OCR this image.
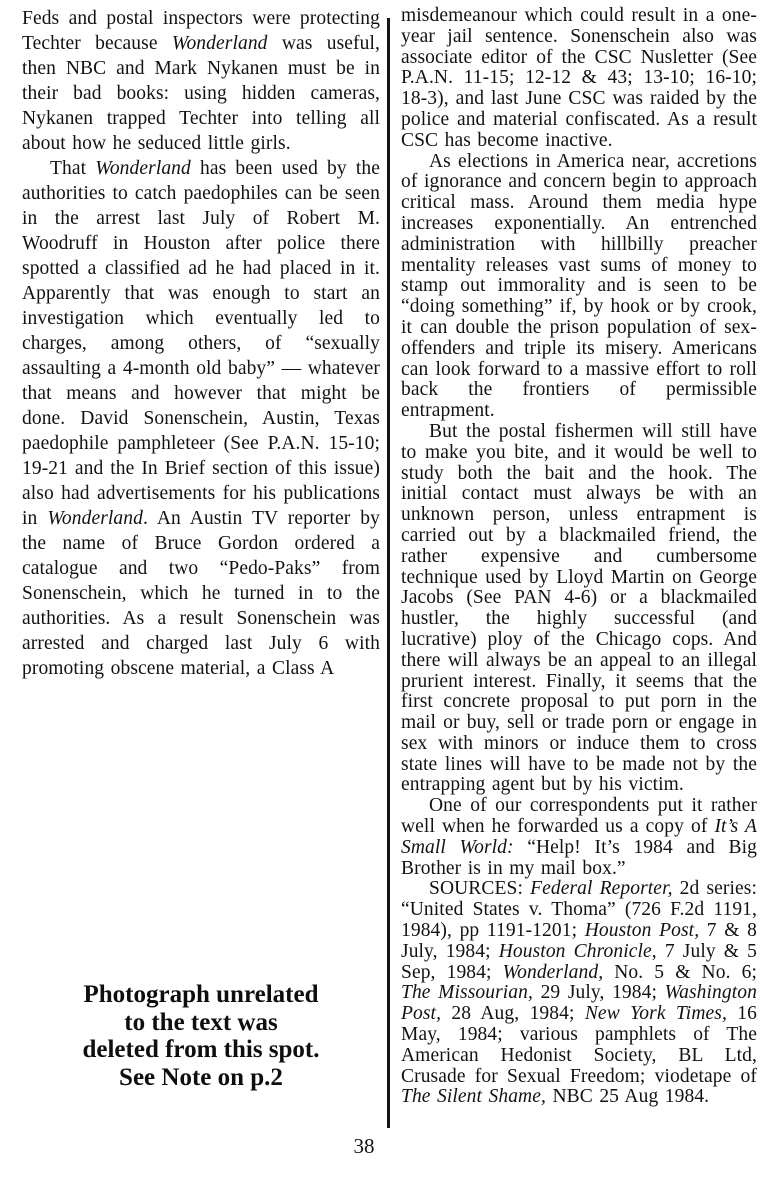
Feds and postal inspectors were protecting Techter because Wonderland was useful, then NBC and Mark Nykanen must be in their bad books: using hidden cameras, Nykanen trapped Techter into telling all about how he seduced little girls.

That Wonderland has been used by the authorities to catch paedophiles can be seen in the arrest last July of Robert M. Woodruff in Houston after police there spotted a classified ad he had placed in it. Apparently that was enough to start an investigation which eventually led to charges, among others, of “sexually assaulting a 4-month old baby” — whatever that means and however that might be done. David Sonenschein, Austin, Texas paedophile pamphleteer (See P.A.N. 15-10; 19-21 and the In Brief section of this issue) also had advertisements for his publications in Wonderland. An Austin TV reporter by the name of Bruce Gordon ordered a catalogue and two “Pedo-Paks” from Sonenschein, which he turned in to the authorities. As a result Sonenschein was arrested and charged last July 6 with promoting obscene material, a Class A

Photograph unrelated
to the text was
deleted from this spot.
See Note on p.2

misdemeanour which could result in a one-year jail sentence. Sonenschein also was associate editor of the CSC Nusletter (See P.A.N. 11-15; 12-12 & 43; 13-10; 16-10; 18-3), and last June CSC was raided by the police and material confiscated. As a result CSC has become inactive.

As elections in America near, accretions of ignorance and concern begin to approach critical mass. Around them media hype increases exponentially. An entrenched administration with hillbilly preacher mentality releases vast sums of money to stamp out immorality and is seen to be “doing something” if, by hook or by crook, it can double the prison population of sex-offenders and triple its misery. Americans can look forward to a massive effort to roll back the frontiers of permissible entrapment.

But the postal fishermen will still have to make you bite, and it would be well to study both the bait and the hook. The initial contact must always be with an unknown person, unless entrapment is carried out by a blackmailed friend, the rather expensive and cumbersome technique used by Lloyd Martin on George Jacobs (See PAN 4-6) or a blackmailed hustler, the highly successful (and lucrative) ploy of the Chicago cops. And there will always be an appeal to an illegal prurient interest. Finally, it seems that the first concrete proposal to put porn in the mail or buy, sell or trade porn or engage in sex with minors or induce them to cross state lines will have to be made not by the entrapping agent but by his victim.

One of our correspondents put it rather well when he forwarded us a copy of It’s A Small World: “Help! It’s 1984 and Big Brother is in my mail box.”

SOURCES: Federal Reporter, 2d series: “United States v. Thoma” (726 F.2d 1191, 1984), pp 1191-1201; Houston Post, 7 & 8 July, 1984; Houston Chronicle, 7 July & 5 Sep, 1984; Wonderland, No. 5 & No. 6; The Missourian, 29 July, 1984; Washington Post, 28 Aug, 1984; New York Times, 16 May, 1984; various pamphlets of The American Hedonist Society, BL Ltd, Crusade for Sexual Freedom; viodetape of The Silent Shame, NBC 25 Aug 1984.

38
